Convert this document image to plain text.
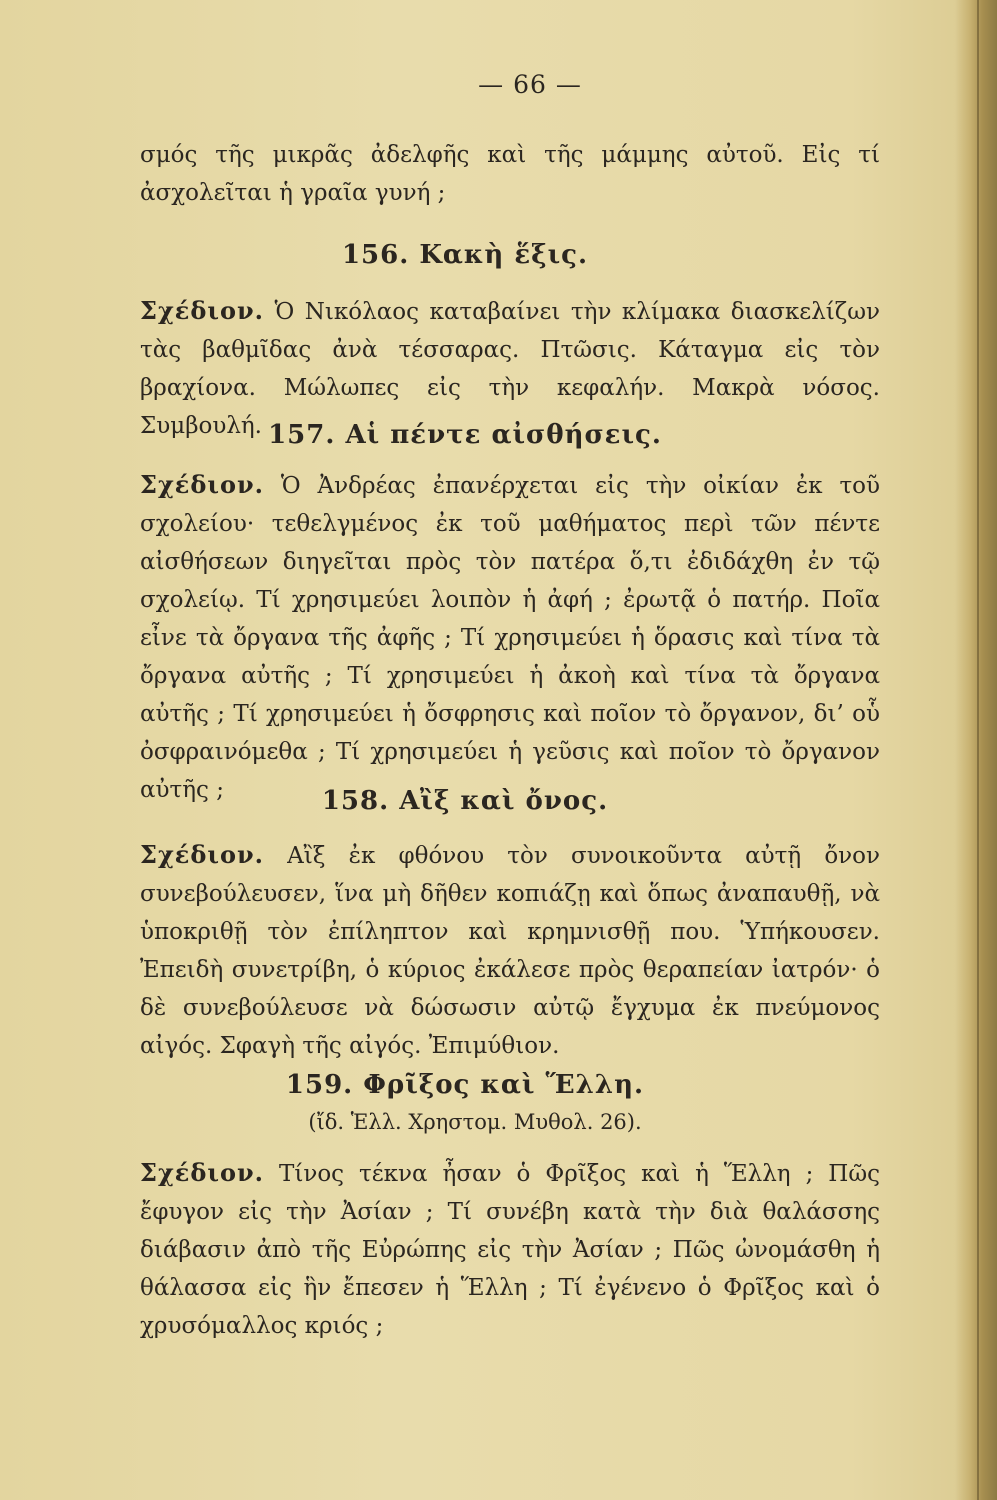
— 66 —
σμός τῆς μικρᾶς ἀδελφῆς καὶ τῆς μάμμης αὐτοῦ. Εἰς τί ἀσχολεῖται ἡ γραῖα γυνή ;
156. Κακὴ ἕξις.
Σχέδιον. Ὁ Νικόλαος καταβαίνει τὴν κλίμακα διασκελίζων τὰς βαθμῖδας ἀνὰ τέσσαρας. Πτῶσις. Κάταγμα εἰς τὸν βραχίονα. Μώλωπες εἰς τὴν κεφαλήν. Μακρὰ νόσος. Συμβουλή. 157. Αἱ πέντε αἰσθήσεις.
Σχέδιον. Ὁ Ἀνδρέας ἐπανέρχεται εἰς τὴν οἰκίαν ἐκ τοῦ σχολείου· τεθελγμένος ἐκ τοῦ μαθήματος περὶ τῶν πέντε αἰσθήσεων διηγεῖται πρὸς τὸν πατέρα ὅ,τι ἐδιδάχθη ἐν τῷ σχολείῳ. Τί χρησιμεύει λοιπὸν ἡ ἀφή ; ἐρωτᾷ ὁ πατήρ. Ποῖα εἶνε τὰ ὄργανα τῆς ἀφῆς ; Τί χρησιμεύει ἡ ὅρασις καὶ τίνα τὰ ὄργανα αὐτῆς ; Τί χρησιμεύει ἡ ἀκοὴ καὶ τίνα τὰ ὄργανα αὐτῆς ; Τί χρησιμεύει ἡ ὄσφρησις καὶ ποῖον τὸ ὄργανον, δι’ οὗ ὀσφραινόμεθα ; Τί χρησιμεύει ἡ γεῦσις καὶ ποῖον τὸ ὄργανον αὐτῆς ;	158. Αἲξ καὶ ὄνος.
Σχέδιον. Αἲξ ἐκ φθόνου τὸν συνοικοῦντα αὐτῇ ὄνον συνεβούλευσεν, ἵνα μὴ δῆθεν κοπιάζῃ καὶ ὅπως ἀναπαυθῇ, νὰ ὑποκριθῇ τὸν ἐπίληπτον καὶ κρημνισθῇ που. Ὑπήκουσεν. Ἐπειδὴ συνετρίβη, ὁ κύριος ἐκάλεσε πρὸς θεραπείαν ἰατρόν· ὁ δὲ συνεβούλευσε νὰ δώσωσιν αὐτῷ ἔγχυμα ἐκ πνεύμονος αἰγός. Σφαγὴ τῆς αἰγός. Ἐπιμύθιον.
159. Φρῖξος καὶ Ἕλλη.
(ἴδ. Ἑλλ. Χρηστομ. Μυθολ. 26).
Σχέδιον. Τίνος τέκνα ἦσαν ὁ Φρῖξος καὶ ἡ Ἕλλη ; Πῶς ἔφυγον εἰς τὴν Ἀσίαν ; Τί συνέβη κατὰ τὴν διὰ θαλάσσης διάβασιν ἀπὸ τῆς Εὐρώπης εἰς τὴν Ἀσίαν ; Πῶς ὠνομάσθη ἡ θάλασσα εἰς ἣν ἔπεσεν ἡ Ἕλλη ; Τί ἐγένενο ὁ Φρῖξος καὶ ὁ χρυσόμαλλος κριός ;
